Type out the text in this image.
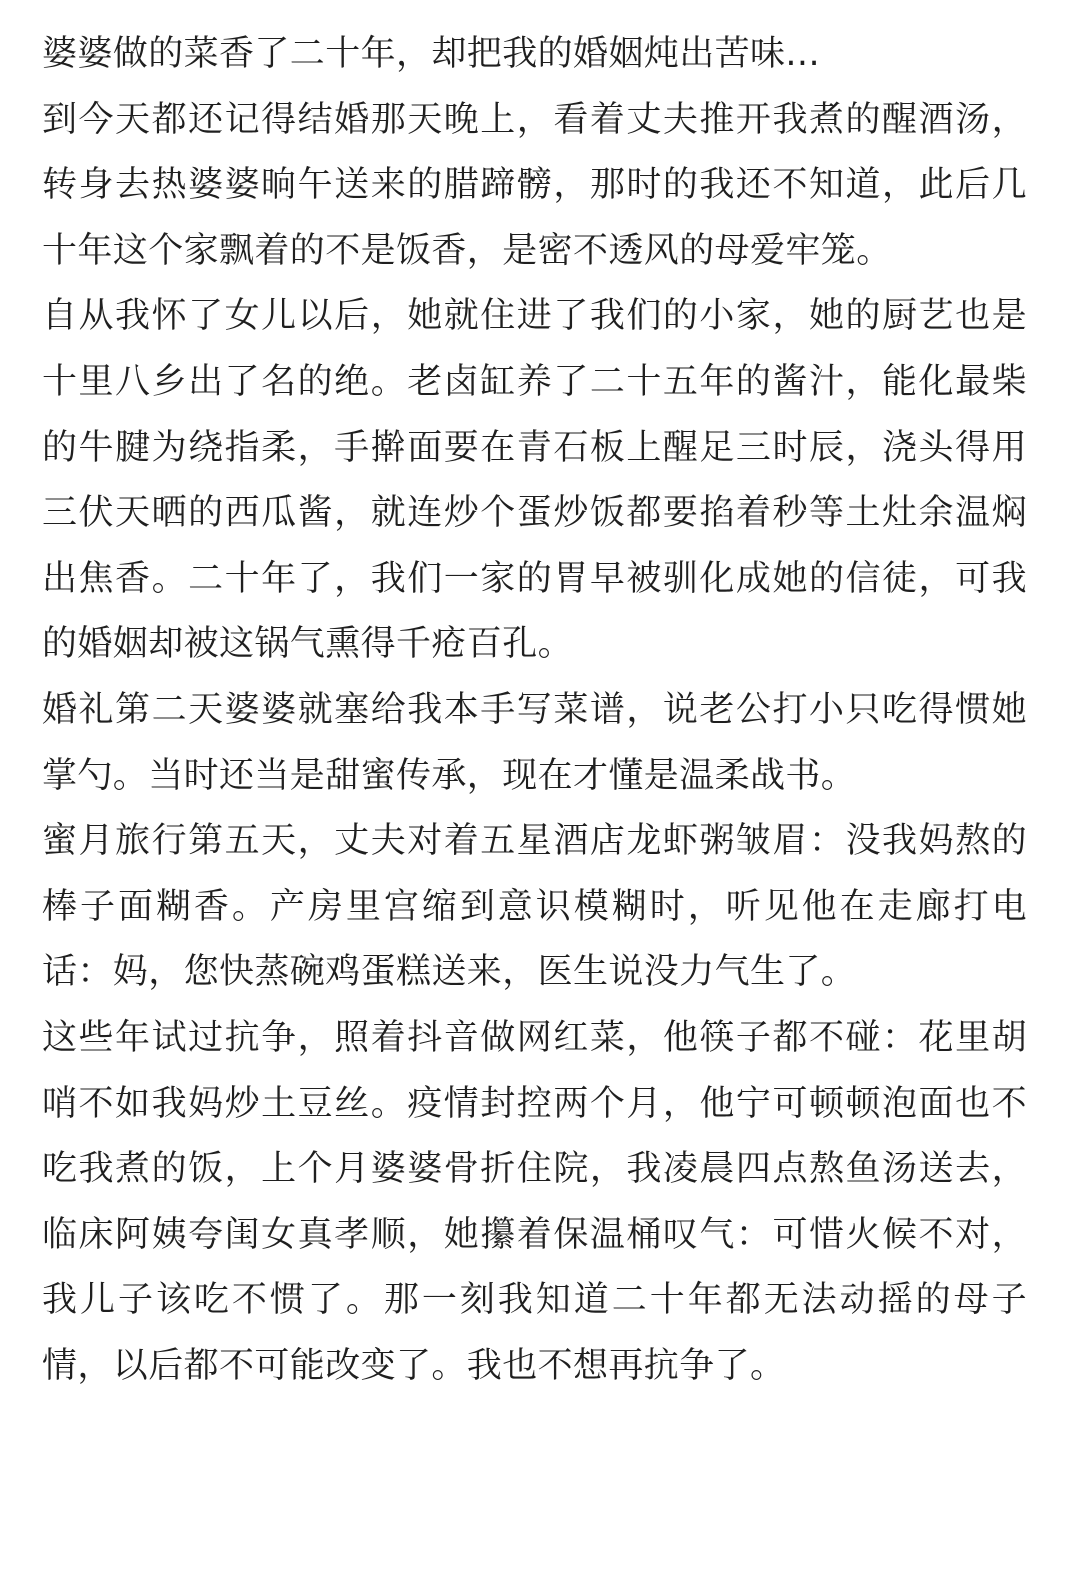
婆婆做的菜香了二十年，却把我的婚姻炖出苦味...

到今天都还记得结婚那天晚上，看着丈夫推开我煮的醒酒汤，转身去热婆婆晌午送来的腊蹄髈，那时的我还不知道，此后几十年这个家飘着的不是饭香，是密不透风的母爱牢笼。

自从我怀了女儿以后，她就住进了我们的小家，她的厨艺也是十里八乡出了名的绝。老卤缸养了二十五年的酱汁，能化最柴的牛腱为绕指柔，手擀面要在青石板上醒足三时辰，浇头得用三伏天晒的西瓜酱，就连炒个蛋炒饭都要掐着秒等土灶余温焖出焦香。二十年了，我们一家的胃早被驯化成她的信徒，可我的婚姻却被这锅气熏得千疮百孔。

婚礼第二天婆婆就塞给我本手写菜谱，说老公打小只吃得惯她掌勺。当时还当是甜蜜传承，现在才懂是温柔战书。

蜜月旅行第五天，丈夫对着五星酒店龙虾粥皱眉：没我妈熬的棒子面糊香。产房里宫缩到意识模糊时，听见他在走廊打电话：妈，您快蒸碗鸡蛋糕送来，医生说没力气生了。

这些年试过抗争，照着抖音做网红菜，他筷子都不碰：花里胡哨不如我妈炒土豆丝。疫情封控两个月，他宁可顿顿泡面也不吃我煮的饭，上个月婆婆骨折住院，我凌晨四点熬鱼汤送去，临床阿姨夸闺女真孝顺，她攥着保温桶叹气：可惜火候不对，我儿子该吃不惯了。那一刻我知道二十年都无法动摇的母子情，以后都不可能改变了。我也不想再抗争了。
